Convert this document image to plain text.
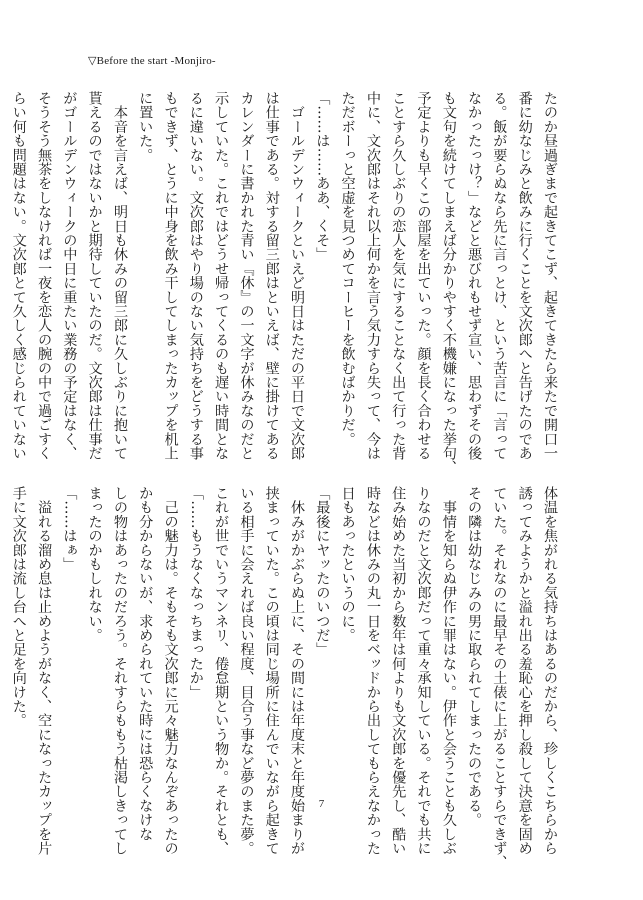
▽Before the start -Monjiro-

たのか昼過ぎまで起きてこず、起きてきたら来たで開口一

番に幼なじみと飲みに行くことを文次郎へと告げたのであ

る。飯が要らぬなら先に言っとけ、という苦言に「言って

なかったっけ？」などと悪びれもせず宣い、思わずその後

も文句を続けてしまえば分かりやすく不機嫌になった挙句、

予定よりも早くこの部屋を出ていった。顔を長く合わせる

ことすら久しぶりの恋人を気にすることなく出て行った背

中に、文次郎はそれ以上何かを言う気力すら失って、今は

ただボーっと空虚を見つめてコーヒーを飲むばかりだ。

「……は……ああ、くそ」

　ゴールデンウィークといえど明日はただの平日で文次郎

は仕事である。対する留三郎はといえば、壁に掛けてある

カレンダーに書かれた青い『休』の一文字が休みなのだと

示していた。これではどうせ帰ってくるのも遅い時間とな

るに違いない。文次郎はやり場のない気持ちをどうする事

もできず、とうに中身を飲み干してしまったカップを机上

に置いた。

　本音を言えば、明日も休みの留三郎に久しぶりに抱いて

貰えるのではないかと期待していたのだ。文次郎は仕事だ

がゴールデンウィークの中日に重たい業務の予定はなく、

そうそう無茶をしなければ一夜を恋人の腕の中で過ごすく

らい何も問題はない。文次郎とて久しく感じられていない

体温を焦がれる気持ちはあるのだから、珍しくこちらから

誘ってみようかと溢れ出る羞恥心を押し殺して決意を固め

ていた。それなのに最早その土俵に上がることすらできず、

その隣は幼なじみの男に取られてしまったのである。

　事情を知らぬ伊作に罪はない。伊作と会うことも久しぶ

りなのだと文次郎だって重々承知している。それでも共に

住み始めた当初から数年は何よりも文次郎を優先し、酷い

時などは休みの丸一日をベッドから出してもらえなかった

日もあったというのに。

「最後にヤッたのいつだ」

　休みがかぶらぬ上に、その間には年度末と年度始まりが

挟まっていた。この頃は同じ場所に住んでいながら起きて

いる相手に会えれば良い程度、目合う事など夢のまた夢。

これが世でいうマンネリ、倦怠期という物か。それとも、

「……もうなくなっちまったか」

　己の魅力は。そもそも文次郎に元々魅力なんぞあったの

かも分からないが、求められていた時には恐らくなけな

しの物はあったのだろう。それすらももう枯渇しきってし

まったのかもしれない。

「……はぁ」

　溢れる溜め息は止めようがなく、空になったカップを片

手に文次郎は流し台へと足を向けた。

7
